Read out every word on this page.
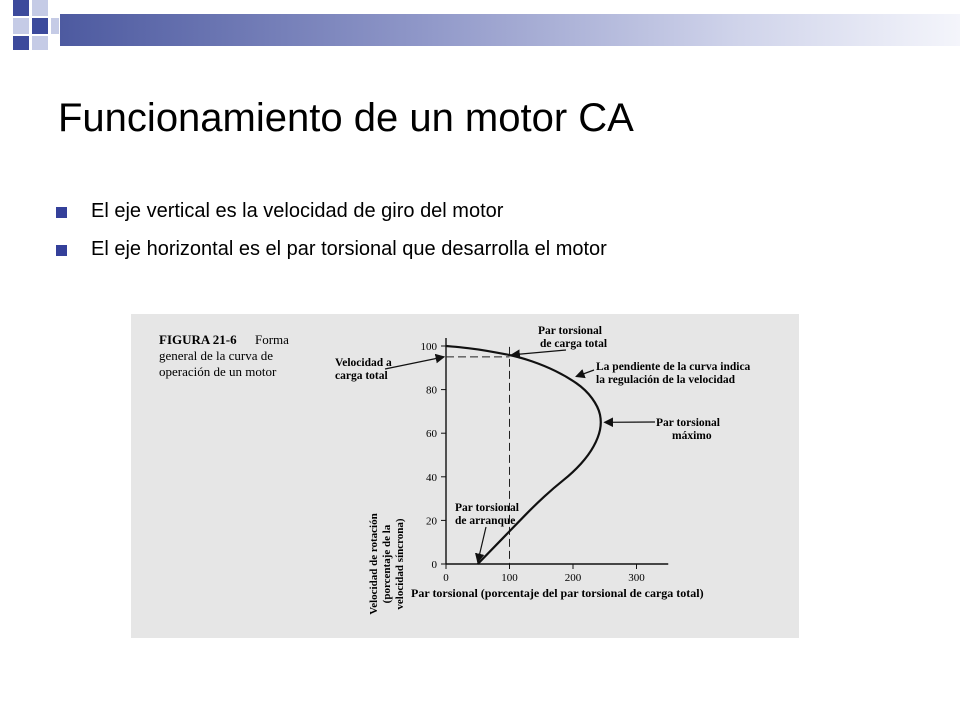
Funcionamiento de un motor CA
El eje vertical es la velocidad de giro del motor
El eje horizontal es el par torsional que desarrolla el motor
FIGURA 21-6 Forma
general de la curva de
operación de un motor
Velocidad a
carga total
Par torsional
de carga total
La pendiente de la curva indica
la regulación de la velocidad
Par torsional
máximo
Par torsional
de arranque
Velocidad de rotación (porcentaje de la velocidad síncrona) Par torsional (porcentaje del par torsional de carga total)
0
20
40
60
80
100
0	100	200	300
